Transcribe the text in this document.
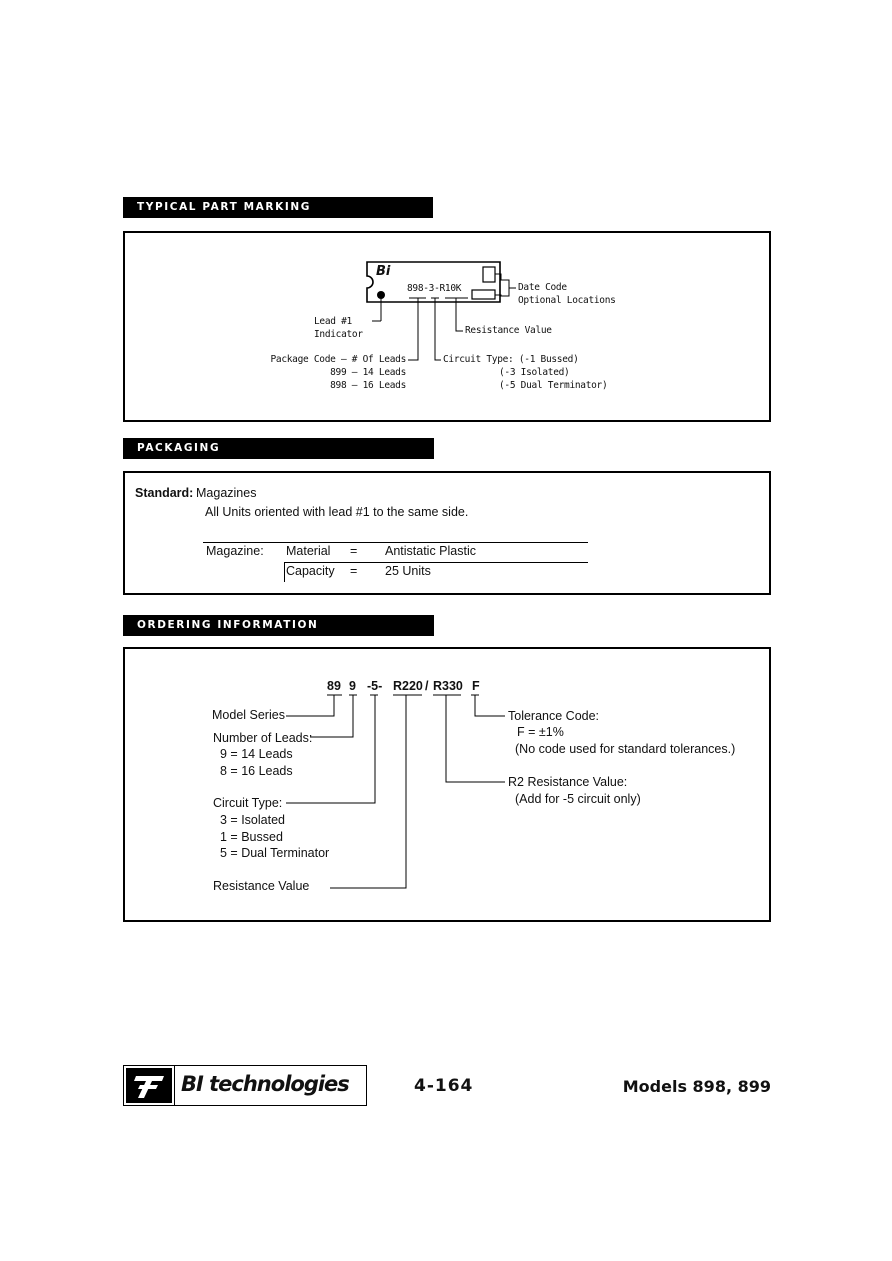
TYPICAL PART MARKING
Bi
898-3-R10K	Date Code
Optional Locations
Lead #1
Indicator	Resistance Value
Package Code – # Of Leads
899 – 14 Leads
898 – 16 Leads
Circuit Type: (-1 Bussed)
(-3 Isolated)
(-5 Dual Terminator)
PACKAGING
Standard: Magazines
All Units oriented with lead #1 to the same side.
Magazine: Material = Antistatic Plastic
Capacity = 25 Units
ORDERING INFORMATION
89 9 -5- R220 / R330 F
Model Series
Number of Leads:
9 = 14 Leads
8 = 16 Leads
Circuit Type:
3 = Isolated
1 = Bussed
5 = Dual Terminator
Resistance Value
Tolerance Code:
F = ±1%
(No code used for standard tolerances.)
R2 Resistance Value:
(Add for -5 circuit only)
BI technologies	4-164	Models 898, 899
